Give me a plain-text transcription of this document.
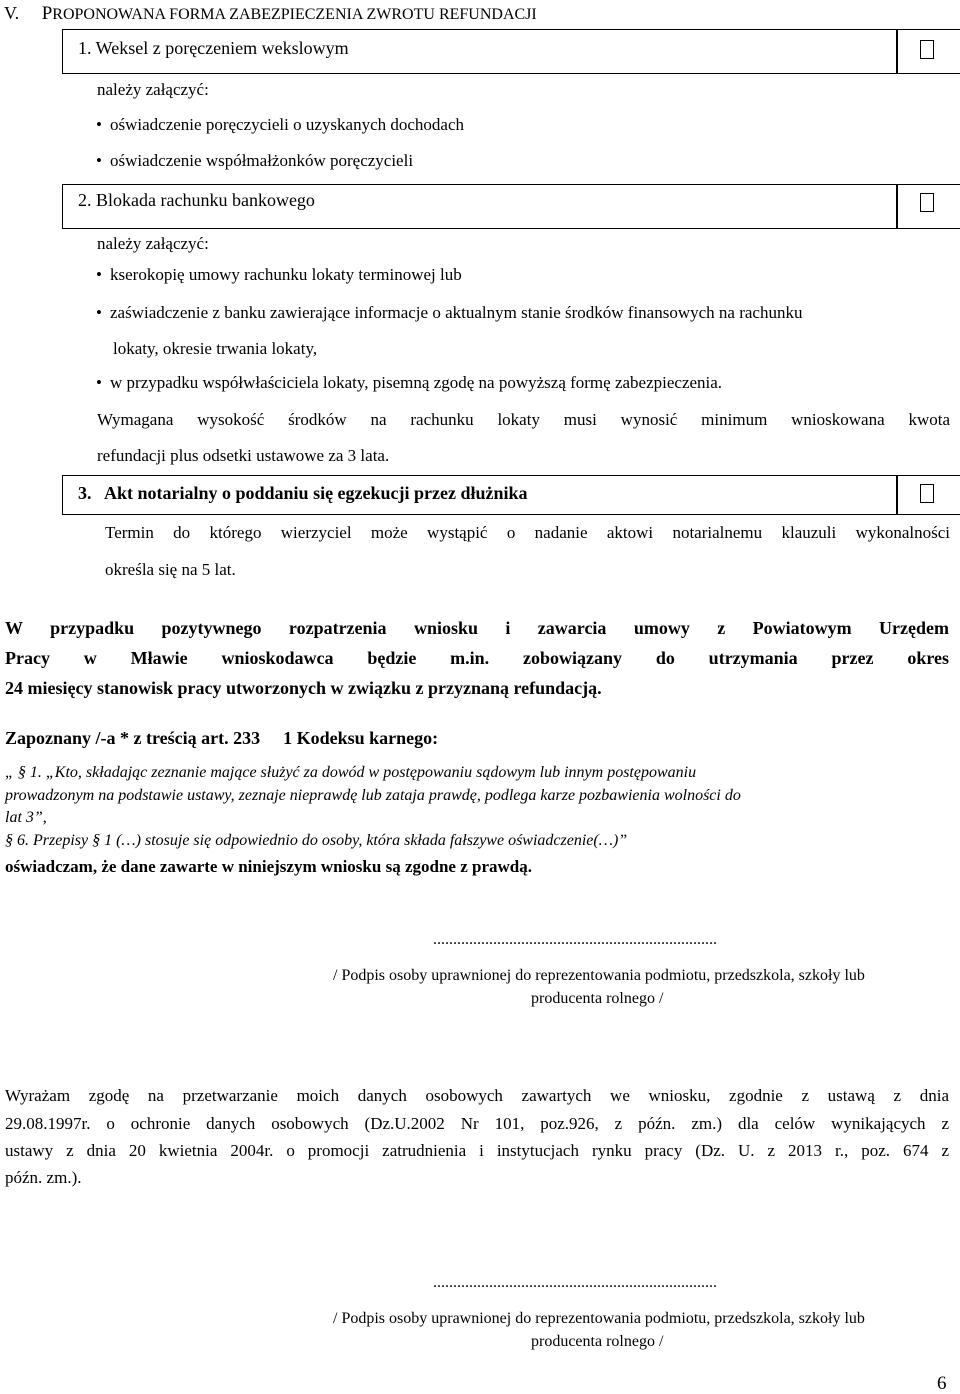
V. PROPONOWANA FORMA ZABEZPIECZENIA ZWROTU REFUNDACJI
1. Weksel z poręczeniem wekslowym
należy załączyć:
• oświadczenie poręczycieli o uzyskanych dochodach
• oświadczenie współmałżonków poręczycieli
2. Blokada rachunku bankowego
należy załączyć:
• kserokopię umowy rachunku lokaty terminowej lub
• zaświadczenie z banku zawierające informacje o aktualnym stanie środków finansowych na rachunku
lokaty, okresie trwania lokaty,
• w przypadku współwłaściciela lokaty, pisemną zgodę na powyższą formę zabezpieczenia.
Wymagana wysokość środków na rachunku lokaty musi wynosić minimum wnioskowana kwota
refundacji plus odsetki ustawowe za 3 lata.
3. Akt notarialny o poddaniu się egzekucji przez dłużnika
Termin do którego wierzyciel może wystąpić o nadanie aktowi notarialnemu klauzuli wykonalności
określa się na 5 lat.
W przypadku pozytywnego rozpatrzenia wniosku i zawarcia umowy z Powiatowym Urzędem
Pracy w Mławie wnioskodawca będzie m.in. zobowiązany do utrzymania przez okres
24 miesięcy stanowisk pracy utworzonych w związku z przyznaną refundacją.
Zapoznany /-a * z treścią art. 233 1 Kodeksu karnego:
„ § 1. „Kto, składając zeznanie mające służyć za dowód w postępowaniu sądowym lub innym postępowaniu
prowadzonym na podstawie ustawy, zeznaje nieprawdę lub zataja prawdę, podlega karze pozbawienia wolności do
lat 3”,
§ 6. Przepisy § 1 (…) stosuje się odpowiednio do osoby, która składa fałszywe oświadczenie(…)”
oświadczam, że dane zawarte w niniejszym wniosku są zgodne z prawdą.
.......................................................................
/ Podpis osoby uprawnionej do reprezentowania podmiotu, przedszkola, szkoły lub
producenta rolnego /
Wyrażam zgodę na przetwarzanie moich danych osobowych zawartych we wniosku, zgodnie z ustawą z dnia
29.08.1997r. o ochronie danych osobowych (Dz.U.2002 Nr 101, poz.926, z późn. zm.) dla celów wynikających z
ustawy z dnia 20 kwietnia 2004r. o promocji zatrudnienia i instytucjach rynku pracy (Dz. U. z 2013 r., poz. 674 z
późn. zm.).
.......................................................................
/ Podpis osoby uprawnionej do reprezentowania podmiotu, przedszkola, szkoły lub
producenta rolnego /
6
